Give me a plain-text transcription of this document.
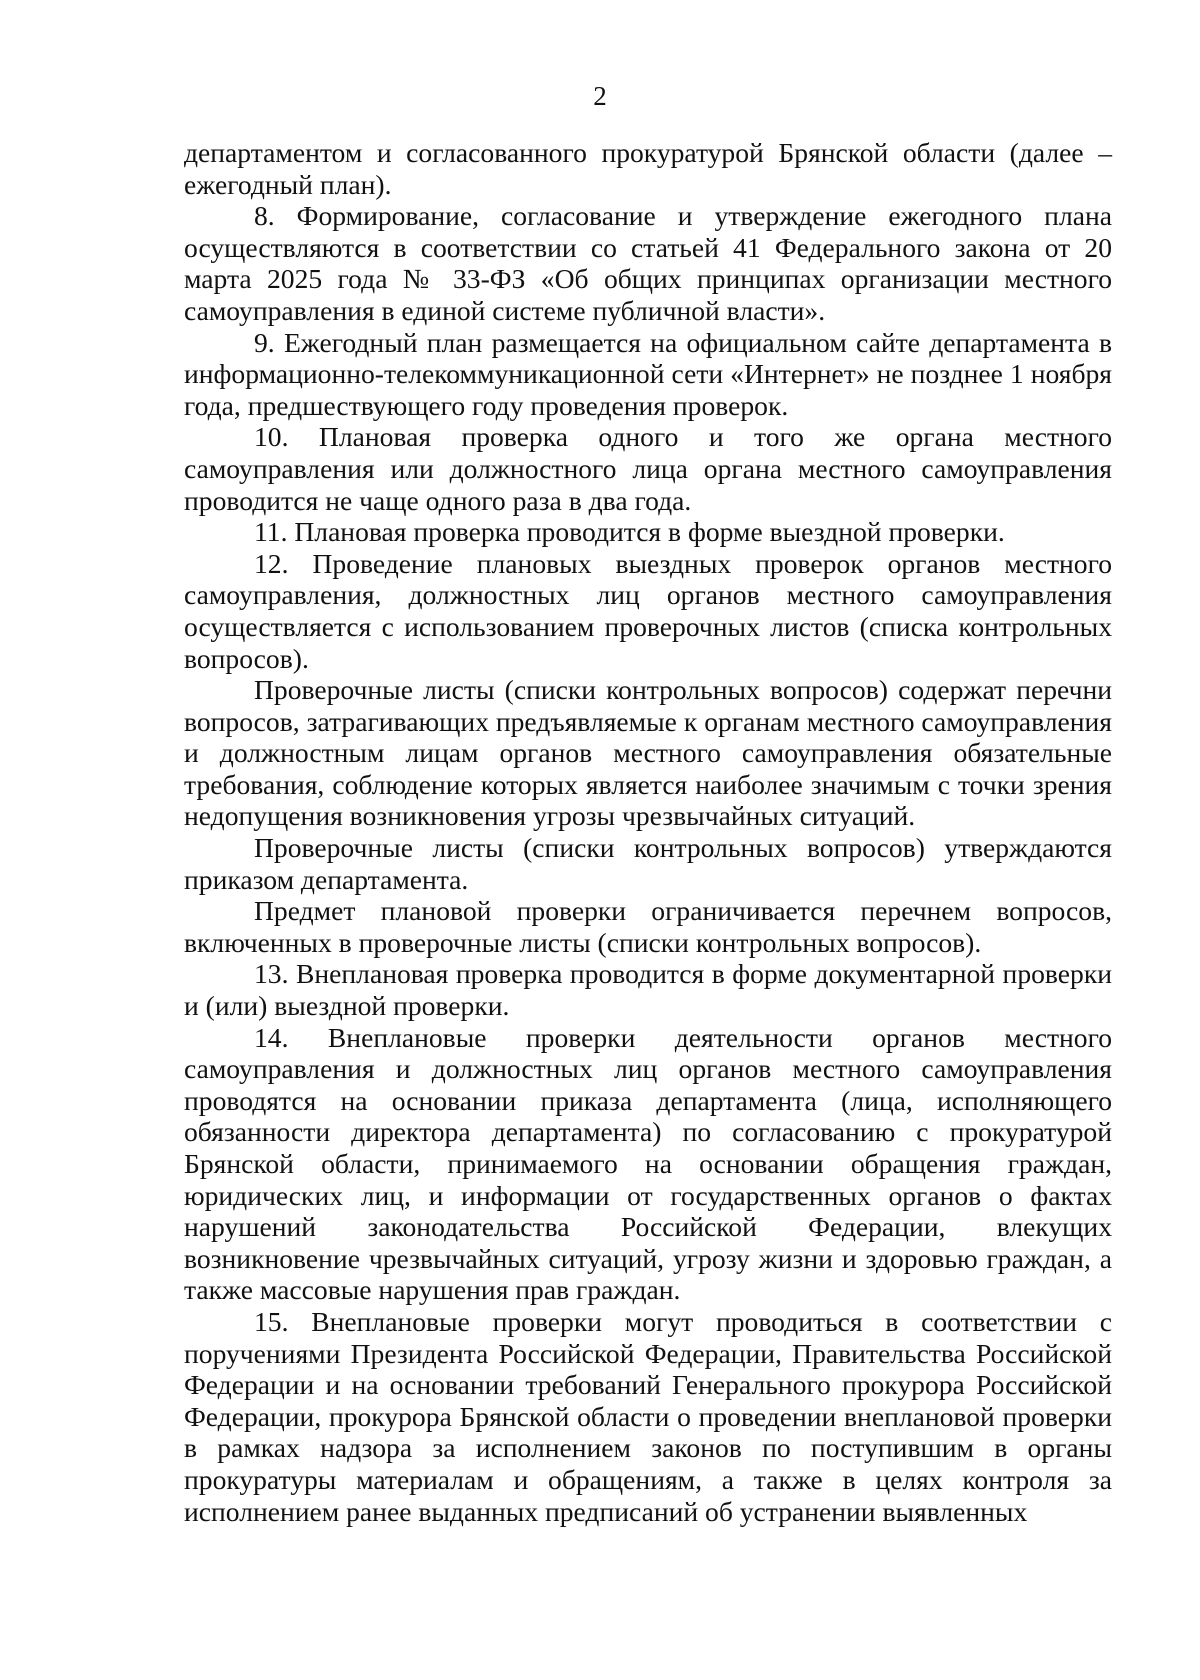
2

департаментом и согласованного прокуратурой Брянской области (далее – ежегодный план).

8. Формирование, согласование и утверждение ежегодного плана осуществляются в соответствии со статьей 41 Федерального закона от 20 марта 2025 года № 33-ФЗ «Об общих принципах организации местного самоуправления в единой системе публичной власти».

9. Ежегодный план размещается на официальном сайте департамента в информационно-телекоммуникационной сети «Интернет» не позднее 1 ноября года, предшествующего году проведения проверок.

10. Плановая проверка одного и того же органа местного самоуправления или должностного лица органа местного самоуправления проводится не чаще одного раза в два года.

11. Плановая проверка проводится в форме выездной проверки.

12. Проведение плановых выездных проверок органов местного самоуправления, должностных лиц органов местного самоуправления осуществляется с использованием проверочных листов (списка контрольных вопросов).

Проверочные листы (списки контрольных вопросов) содержат перечни вопросов, затрагивающих предъявляемые к органам местного самоуправления и должностным лицам органов местного самоуправления обязательные требования, соблюдение которых является наиболее значимым с точки зрения недопущения возникновения угрозы чрезвычайных ситуаций.

Проверочные листы (списки контрольных вопросов) утверждаются приказом департамента.

Предмет плановой проверки ограничивается перечнем вопросов, включенных в проверочные листы (списки контрольных вопросов).

13. Внеплановая проверка проводится в форме документарной проверки и (или) выездной проверки.

14. Внеплановые проверки деятельности органов местного самоуправления и должностных лиц органов местного самоуправления проводятся на основании приказа департамента (лица, исполняющего обязанности директора департамента) по согласованию с прокуратурой Брянской области, принимаемого на основании обращения граждан, юридических лиц, и информации от государственных органов о фактах нарушений законодательства Российской Федерации, влекущих возникновение чрезвычайных ситуаций, угрозу жизни и здоровью граждан, а также массовые нарушения прав граждан.

15. Внеплановые проверки могут проводиться в соответствии с поручениями Президента Российской Федерации, Правительства Российской Федерации и на основании требований Генерального прокурора Российской Федерации, прокурора Брянской области о проведении внеплановой проверки в рамках надзора за исполнением законов по поступившим в органы прокуратуры материалам и обращениям, а также в целях контроля за исполнением ранее выданных предписаний об устранении выявленных
